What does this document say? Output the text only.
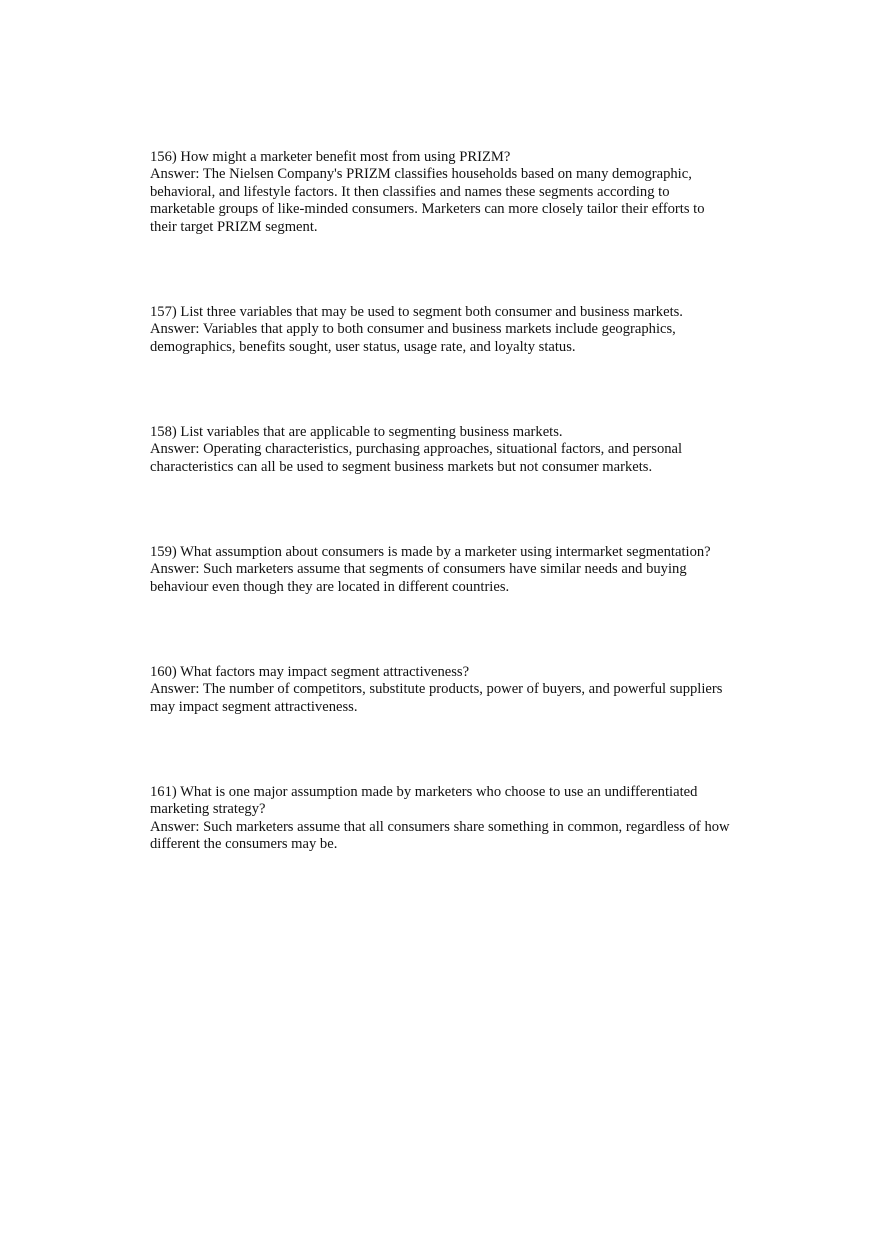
156) How might a marketer benefit most from using PRIZM?

Answer: The Nielsen Company's PRIZM classifies households based on many demographic, behavioral, and lifestyle factors. It then classifies and names these segments according to marketable groups of like-minded consumers. Marketers can more closely tailor their efforts to their target PRIZM segment.

157) List three variables that may be used to segment both consumer and business markets.

Answer: Variables that apply to both consumer and business markets include geographics, demographics, benefits sought, user status, usage rate, and loyalty status.

158) List variables that are applicable to segmenting business markets.

Answer: Operating characteristics, purchasing approaches, situational factors, and personal characteristics can all be used to segment business markets but not consumer markets.

159) What assumption about consumers is made by a marketer using intermarket segmentation?

Answer: Such marketers assume that segments of consumers have similar needs and buying behaviour even though they are located in different countries.

160) What factors may impact segment attractiveness?

Answer: The number of competitors, substitute products, power of buyers, and powerful suppliers may impact segment attractiveness.

161) What is one major assumption made by marketers who choose to use an undifferentiated marketing strategy?

Answer: Such marketers assume that all consumers share something in common, regardless of how different the consumers may be.
